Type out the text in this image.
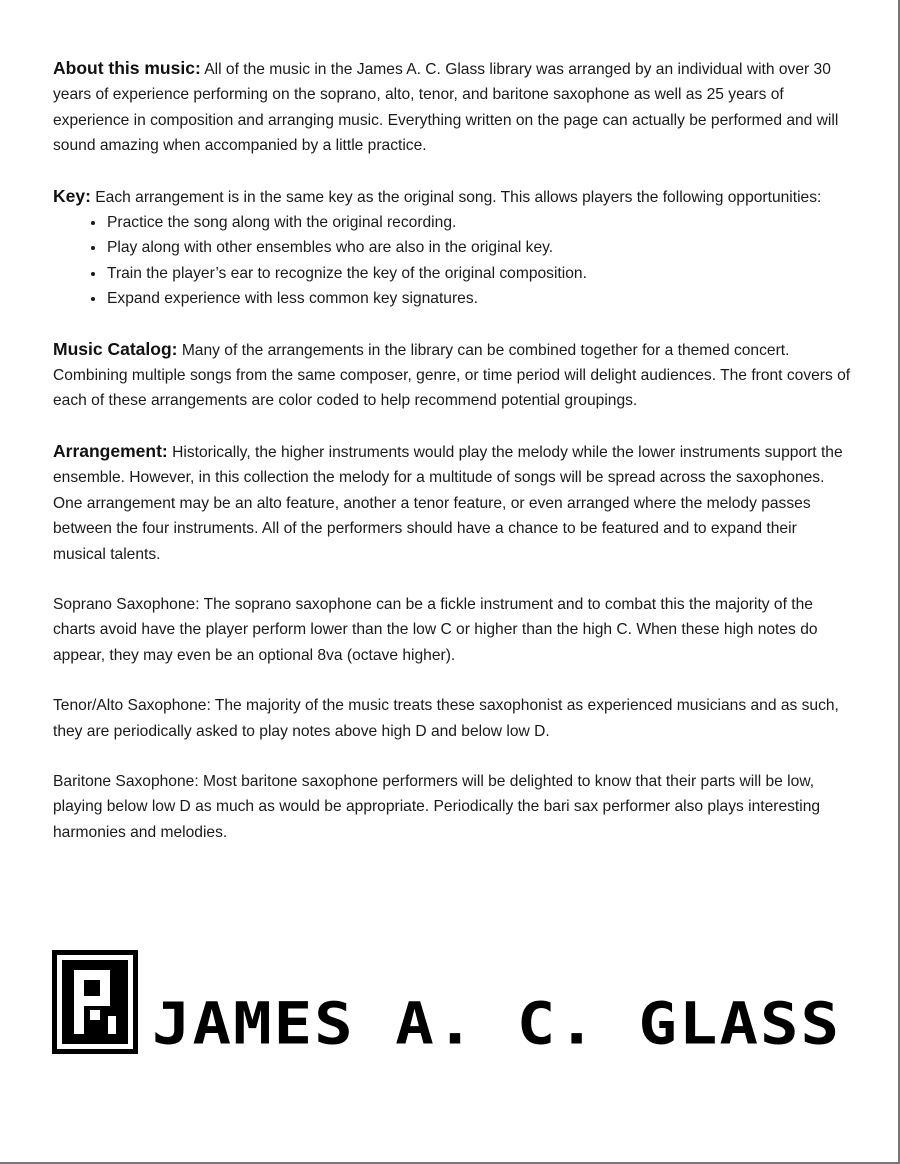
About this music: All of the music in the James A. C. Glass library was arranged by an individual with over 30 years of experience performing on the soprano, alto, tenor, and baritone saxophone as well as 25 years of experience in composition and arranging music. Everything written on the page can actually be performed and will sound amazing when accompanied by a little practice.

Key: Each arrangement is in the same key as the original song. This allows players the following opportunities:

• Practice the song along with the original recording.
• Play along with other ensembles who are also in the original key.
• Train the player’s ear to recognize the key of the original composition.
• Expand experience with less common key signatures.

Music Catalog: Many of the arrangements in the library can be combined together for a themed concert. Combining multiple songs from the same composer, genre, or time period will delight audiences. The front covers of each of these arrangements are color coded to help recommend potential groupings.

Arrangement: Historically, the higher instruments would play the melody while the lower instruments support the ensemble. However, in this collection the melody for a multitude of songs will be spread across the saxophones. One arrangement may be an alto feature, another a tenor feature, or even arranged where the melody passes between the four instruments. All of the performers should have a chance to be featured and to expand their musical talents.

Soprano Saxophone: The soprano saxophone can be a fickle instrument and to combat this the majority of the charts avoid have the player perform lower than the low C or higher than the high C. When these high notes do appear, they may even be an optional 8va (octave higher).

Tenor/Alto Saxophone: The majority of the music treats these saxophonist as experienced musicians and as such, they are periodically asked to play notes above high D and below low D.

Baritone Saxophone: Most baritone saxophone performers will be delighted to know that their parts will be low, playing below low D as much as would be appropriate. Periodically the bari sax performer also plays interesting harmonies and melodies.

JAMES A. C. GLASS
